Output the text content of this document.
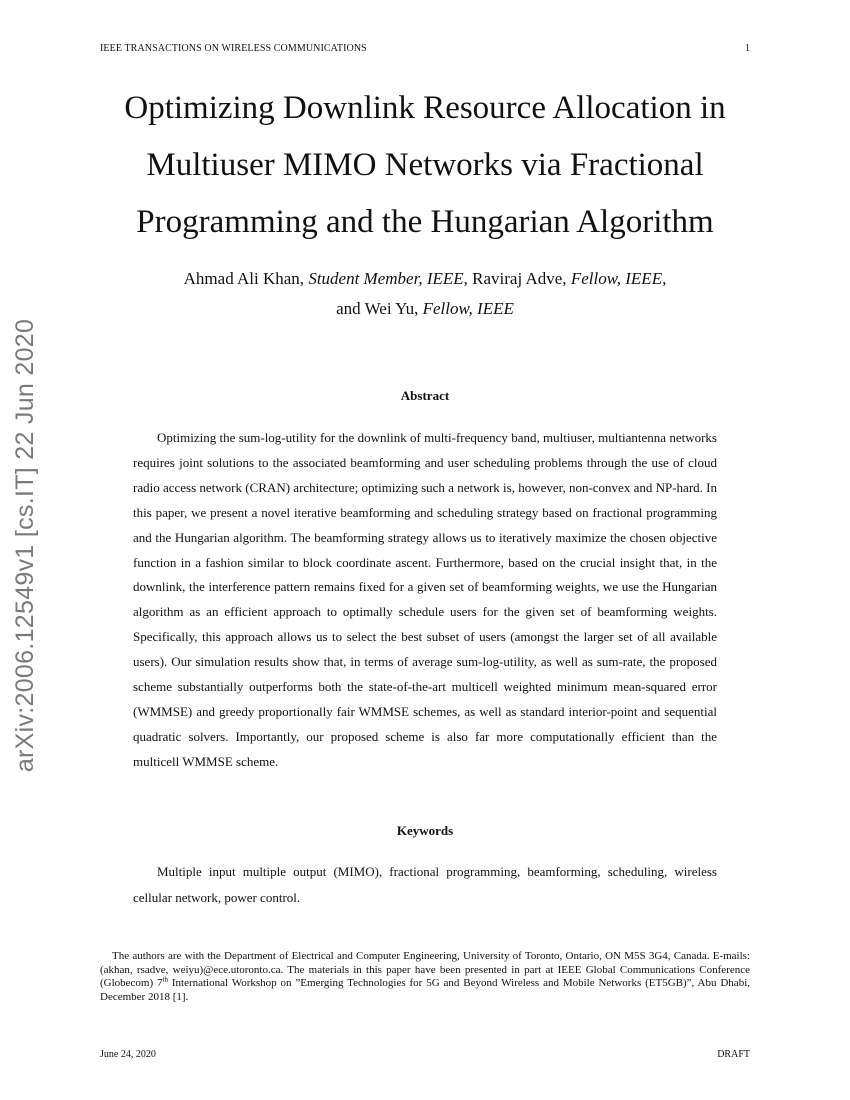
IEEE TRANSACTIONS ON WIRELESS COMMUNICATIONS	1
arXiv:2006.12549v1 [cs.IT] 22 Jun 2020
Optimizing Downlink Resource Allocation in
Multiuser MIMO Networks via Fractional
Programming and the Hungarian Algorithm
Ahmad Ali Khan, Student Member, IEEE, Raviraj Adve, Fellow, IEEE,
and Wei Yu, Fellow, IEEE
Abstract

Optimizing the sum-log-utility for the downlink of multi-frequency band, multiuser, multiantenna networks requires joint solutions to the associated beamforming and user scheduling problems through the use of cloud radio access network (CRAN) architecture; optimizing such a network is, however, non-convex and NP-hard. In this paper, we present a novel iterative beamforming and scheduling strategy based on fractional programming and the Hungarian algorithm. The beamforming strategy allows us to iteratively maximize the chosen objective function in a fashion similar to block coordinate ascent. Furthermore, based on the crucial insight that, in the downlink, the interference pattern remains fixed for a given set of beamforming weights, we use the Hungarian algorithm as an efficient approach to optimally schedule users for the given set of beamforming weights. Specifically, this approach allows us to select the best subset of users (amongst the larger set of all available users). Our simulation results show that, in terms of average sum-log-utility, as well as sum-rate, the proposed scheme substantially outperforms both the state-of-the-art multicell weighted minimum mean-squared error (WMMSE) and greedy proportionally fair WMMSE schemes, as well as standard interior-point and sequential quadratic solvers. Importantly, our proposed scheme is also far more computationally efficient than the multicell WMMSE scheme.

Keywords

Multiple input multiple output (MIMO), fractional programming, beamforming, scheduling, wireless cellular network, power control.

The authors are with the Department of Electrical and Computer Engineering, University of Toronto, Ontario, ON M5S 3G4, Canada. E-mails: (akhan, rsadve, weiyu)@ece.utoronto.ca. The materials in this paper have been presented in part at IEEE Global Communications Conference (Globecom) 7th International Workshop on ”Emerging Technologies for 5G and Beyond Wireless and Mobile Networks (ET5GB)”, Abu Dhabi, December 2018 [1].

June 24, 2020	DRAFT
